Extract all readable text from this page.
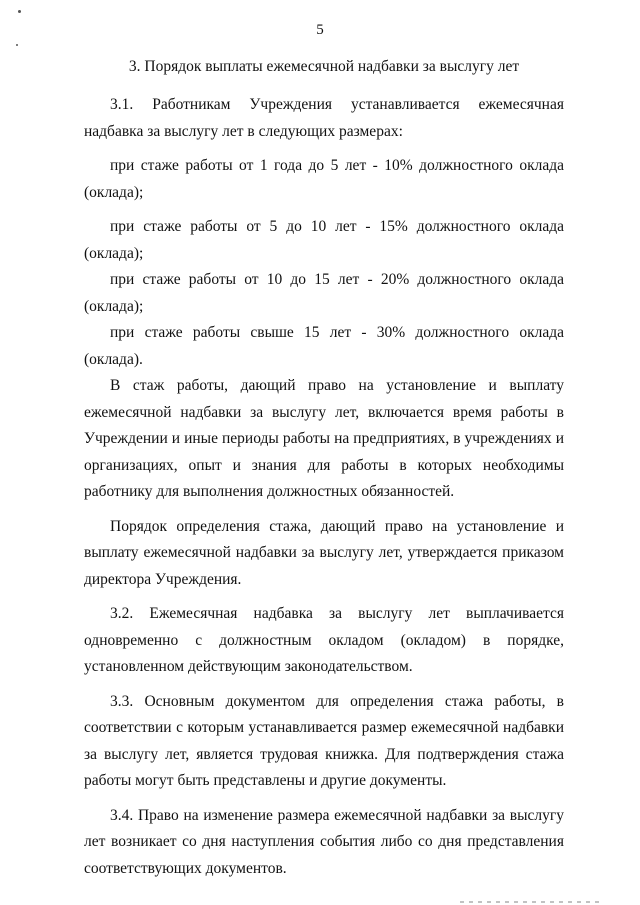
5
3. Порядок выплаты ежемесячной надбавки за выслугу лет

3.1. Работникам Учреждения устанавливается ежемесячная надбавка за выслугу лет в следующих размерах:

при стаже работы от 1 года до 5 лет - 10% должностного оклада (оклада);

при стаже работы от 5 до 10 лет - 15% должностного оклада (оклада);

при стаже работы от 10 до 15 лет - 20% должностного оклада (оклада);

при стаже работы свыше 15 лет - 30% должностного оклада (оклада).

В стаж работы, дающий право на установление и выплату ежемесячной надбавки за выслугу лет, включается время работы в Учреждении и иные периоды работы на предприятиях, в учреждениях и организациях, опыт и знания для работы в которых необходимы работнику для выполнения должностных обязанностей.

Порядок определения стажа, дающий право на установление и выплату ежемесячной надбавки за выслугу лет, утверждается приказом директора Учреждения.

3.2. Ежемесячная надбавка за выслугу лет выплачивается одновременно с должностным окладом (окладом) в порядке, установленном действующим законодательством.

3.3. Основным документом для определения стажа работы, в соответствии с которым устанавливается размер ежемесячной надбавки за выслугу лет, является трудовая книжка. Для подтверждения стажа работы могут быть представлены и другие документы.

3.4. Право на изменение размера ежемесячной надбавки за выслугу лет возникает со дня наступления события либо со дня представления соответствующих документов.
